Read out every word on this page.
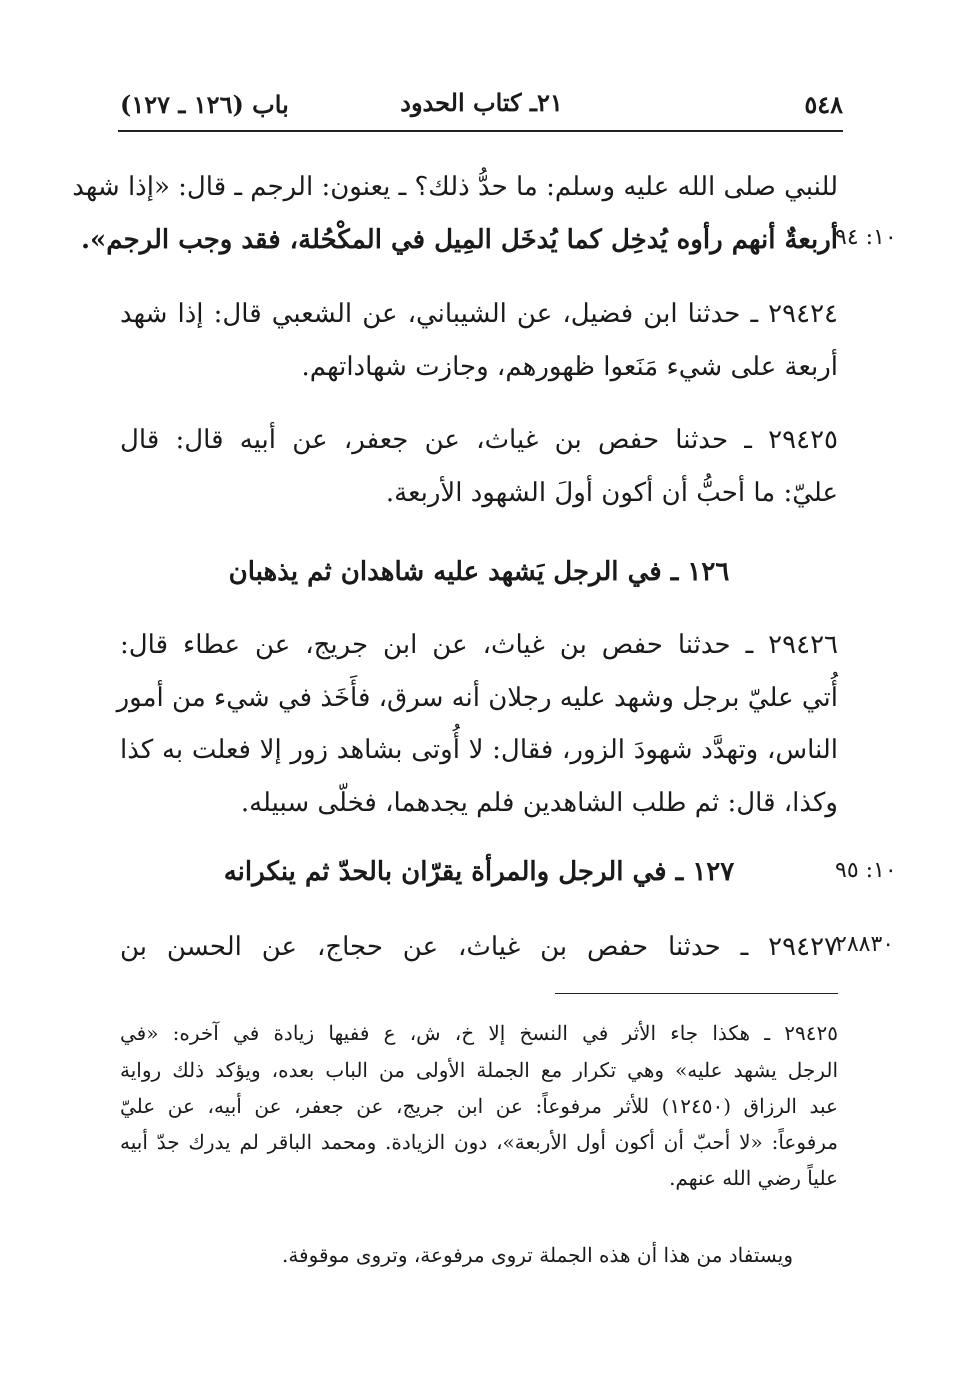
٥٤٨
٢١ـ كتاب الحدود
باب (١٢٦ ـ ١٢٧)
١٠: ٩٤
١٠: ٩٥
٢٨٨٣٠
للنبي صلى الله عليه وسلم: ما حدُّ ذلك؟ ـ يعنون: الرجم ـ قال: «إذا شهد
أربعةٌ أنهم رأوه يُدخِل كما يُدخَل المِيل في المكْحُلة، فقد وجب الرجم».
٢٩٤٢٤ ـ حدثنا ابن فضيل، عن الشيباني، عن الشعبي قال: إذا شهد
أربعة على شيء مَنَعوا ظهورهم، وجازت شهاداتهم.
٢٩٤٢٥ ـ حدثنا حفص بن غياث، عن جعفر، عن أبيه قال: قال
عليّ: ما أحبُّ أن أكون أولَ الشهود الأربعة.
١٢٦ ـ في الرجل يَشهد عليه شاهدان ثم يذهبان
٢٩٤٢٦ ـ حدثنا حفص بن غياث، عن ابن جريج، عن عطاء قال:
أُتي عليّ برجل وشهد عليه رجلان أنه سرق، فأَخَذ في شيء من أمور
الناس، وتهدَّد شهودَ الزور، فقال: لا أُوتى بشاهد زور إلا فعلت به كذا
وكذا، قال: ثم طلب الشاهدين فلم يجدهما، فخلّى سبيله.
١٢٧ ـ في الرجل والمرأة يقرّان بالحدّ ثم ينكرانه
٢٩٤٢٧ ـ حدثنا حفص بن غياث، عن حجاج، عن الحسن بن
٢٩٤٢٥ ـ هكذا جاء الأثر في النسخ إلا خ، ش، ع ففيها زيادة في آخره: «في
الرجل يشهد عليه» وهي تكرار مع الجملة الأولى من الباب بعده، ويؤكد ذلك رواية
عبد الرزاق (١٢٤٥٠) للأثر مرفوعاً: عن ابن جريج، عن جعفر، عن أبيه، عن عليّ
مرفوعاً: «لا أحبّ أن أكون أول الأربعة»، دون الزيادة. ومحمد الباقر لم يدرك جدّ أبيه
علياً رضي الله عنهم.
ويستفاد من هذا أن هذه الجملة تروى مرفوعة، وتروى موقوفة.
